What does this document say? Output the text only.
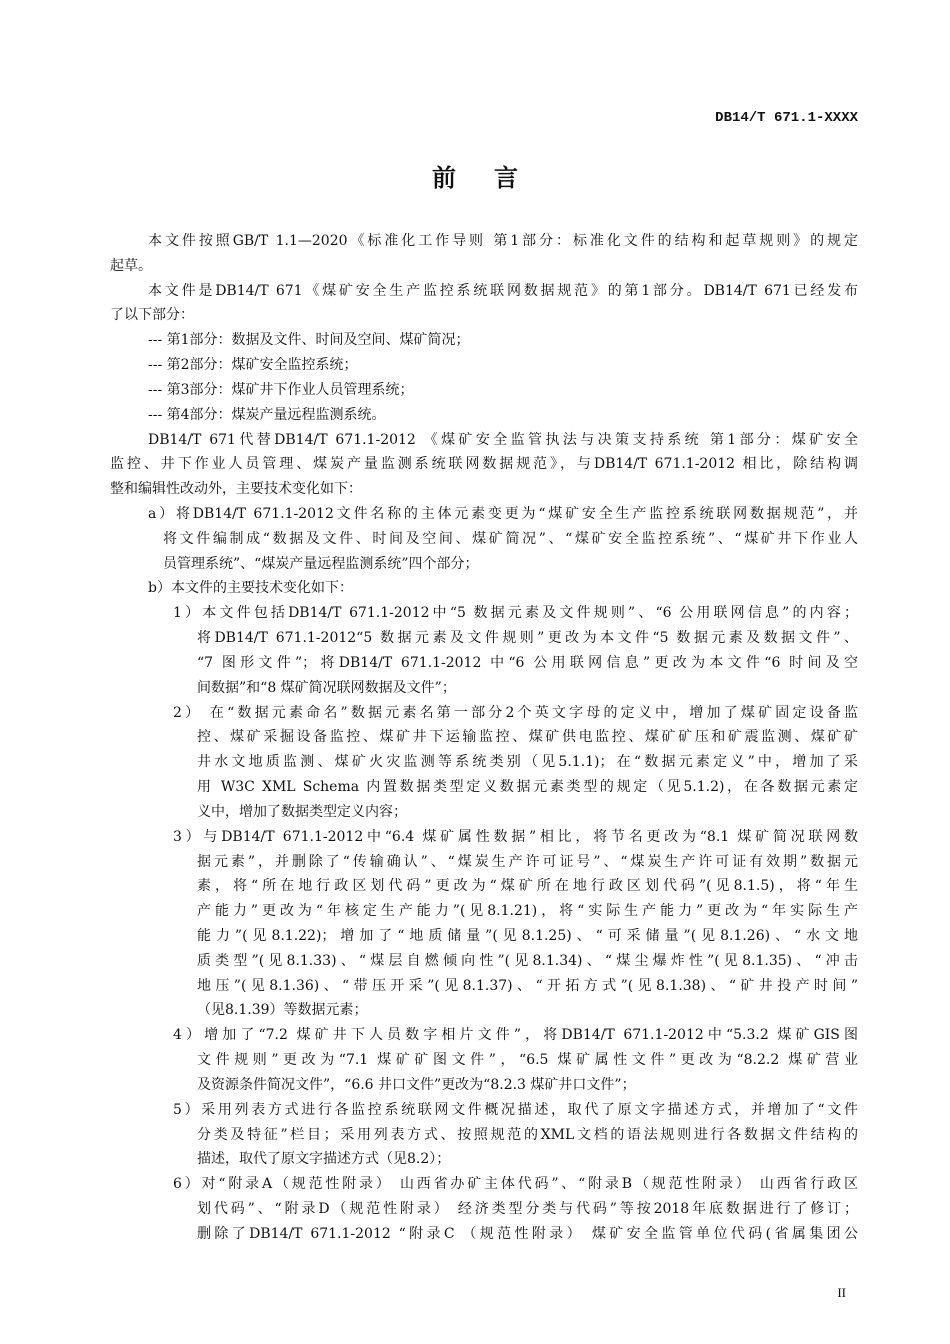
DB14/T 671.1-XXXX
前言
本文件按照GB/T 1.1—2020《标准化工作导则 第1部分：标准化文件的结构和起草规则》的规定
起草。
本文件是DB14/T 671《煤矿安全生产监控系统联网数据规范》的第1部分。DB14/T 671已经发布
了以下部分：
--- 第1部分：数据及文件、时间及空间、煤矿简况；
--- 第2部分：煤矿安全监控系统；
--- 第3部分：煤矿井下作业人员管理系统；
--- 第4部分：煤炭产量远程监测系统。
DB14/T 671代替DB14/T 671.1-2012 《煤矿安全监管执法与决策支持系统 第1部分：煤矿安全
监控、井下作业人员管理、煤炭产量监测系统联网数据规范》，与DB14/T 671.1-2012 相比，除结构调
整和编辑性改动外，主要技术变化如下：
a）将DB14/T 671.1-2012文件名称的主体元素变更为“煤矿安全生产监控系统联网数据规范”，并
将文件编制成“数据及文件、时间及空间、煤矿简况”、“煤矿安全监控系统”、“煤矿井下作业人
员管理系统”、“煤炭产量远程监测系统”四个部分；
b）本文件的主要技术变化如下：
1）本文件包括DB14/T 671.1-2012中“5 数据元素及文件规则”、“6 公用联网信息”的内容；
将DB14/T 671.1-2012“5 数据元素及文件规则”更改为本文件“5 数据元素及数据文件”、
“7 图形文件”；将DB14/T 671.1-2012 中“6 公用联网信息”更改为本文件“6 时间及空
间数据”和“8 煤矿简况联网数据及文件”；
2） 在“数据元素命名”数据元素名第一部分2个英文字母的定义中，增加了煤矿固定设备监
控、煤矿采掘设备监控、煤矿井下运输监控、煤矿供电监控、煤矿矿压和矿震监测、煤矿矿
井水文地质监测、煤矿火灾监测等系统类别（见5.1.1)；在“数据元素定义”中，增加了采
用 W3C XML Schema 内置数据类型定义数据元素类型的规定（见5.1.2)，在各数据元素定
义中，增加了数据类型定义内容；
3）与DB14/T 671.1-2012中“6.4 煤矿属性数据”相比，将节名更改为“8.1 煤矿简况联网数
据元素”，并删除了“传输确认”、“煤炭生产许可证号”、“煤炭生产许可证有效期”数据元
素，将“所在地行政区划代码”更改为“煤矿所在地行政区划代码”(见8.1.5)，将“年生
产能力”更改为“年核定生产能力”(见8.1.21)，将“实际生产能力”更改为“年实际生产
能力”(见8.1.22)；增加了“地质储量”(见8.1.25)、“可采储量”(见8.1.26)、“水文地
质类型”(见8.1.33)、“煤层自燃倾向性”(见8.1.34)、“煤尘爆炸性”(见8.1.35)、“冲击
地压”(见8.1.36)、“带压开采”(见8.1.37)、“开拓方式”(见8.1.38)、“矿井投产时间”
（见8.1.39）等数据元素；
4）增加了“7.2 煤矿井下人员数字相片文件”，将DB14/T 671.1-2012中“5.3.2 煤矿GIS图
文件规则”更改为“7.1 煤矿矿图文件”，“6.5 煤矿属性文件”更改为“8.2.2 煤矿营业
及资源条件简况文件”，“6.6 井口文件”更改为“8.2.3 煤矿井口文件”；
5）采用列表方式进行各监控系统联网文件概况描述，取代了原文字描述方式，并增加了“文件
分类及特征”栏目；采用列表方式、按照规范的XML文档的语法规则进行各数据文件结构的
描述，取代了原文字描述方式（见8.2）；
6）对“附录A（规范性附录） 山西省办矿主体代码”、“附录B（规范性附录） 山西省行政区
划代码”、“附录D（规范性附录） 经济类型分类与代码”等按2018年底数据进行了修订；
删除了DB14/T 671.1-2012 “附录C （规范性附录） 煤矿安全监管单位代码(省属集团公
II
